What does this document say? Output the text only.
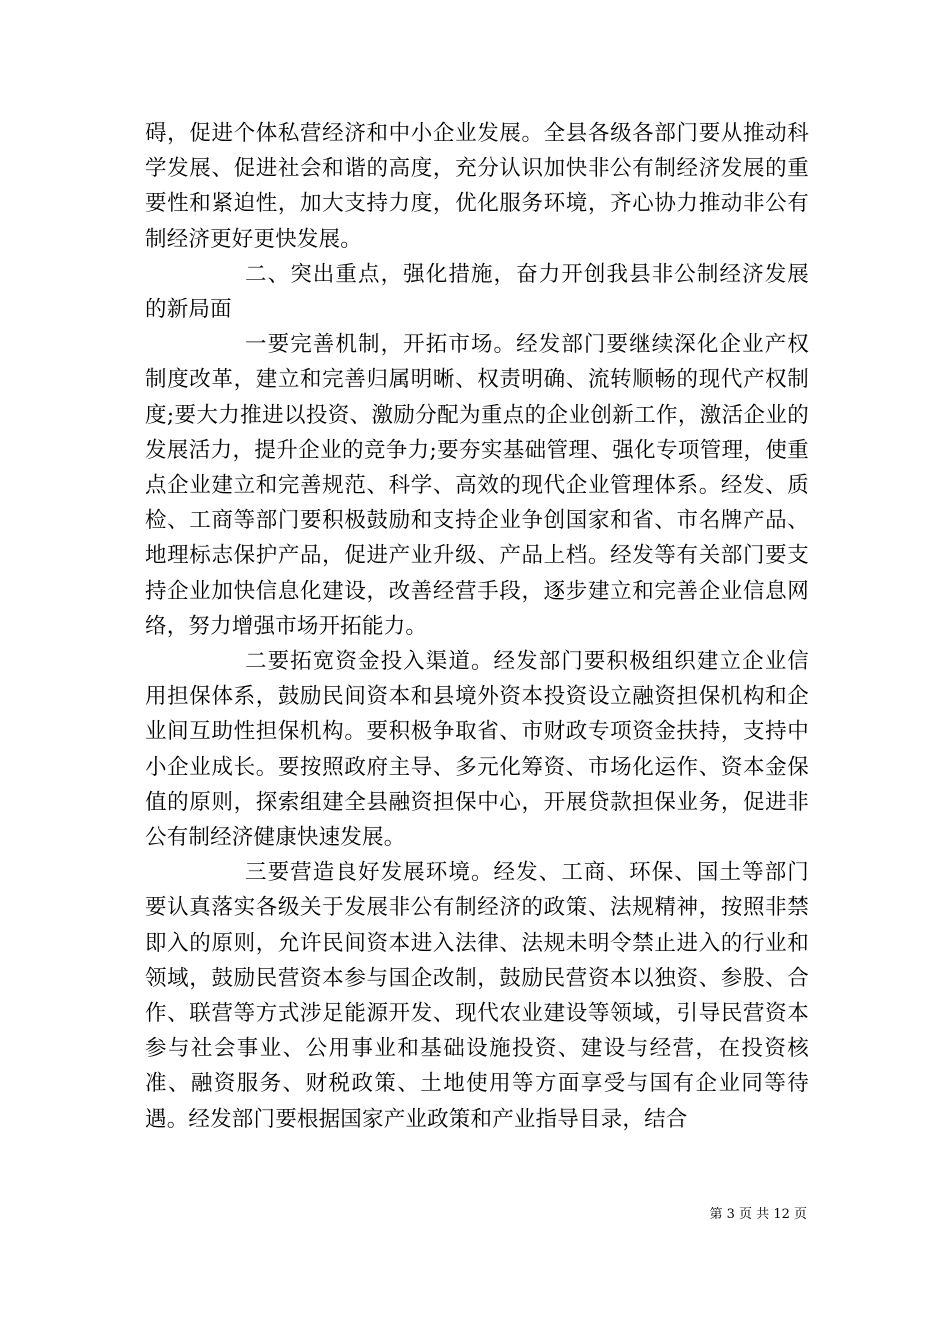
碍，促进个体私营经济和中小企业发展。全县各级各部门要从推动科学发展、促进社会和谐的高度，充分认识加快非公有制经济发展的重要性和紧迫性，加大支持力度，优化服务环境，齐心协力推动非公有制经济更好更快发展。

二、突出重点，强化措施，奋力开创我县非公制经济发展的新局面

一要完善机制，开拓市场。经发部门要继续深化企业产权制度改革，建立和完善归属明晰、权责明确、流转顺畅的现代产权制度;要大力推进以投资、激励分配为重点的企业创新工作，激活企业的发展活力，提升企业的竞争力;要夯实基础管理、强化专项管理，使重点企业建立和完善规范、科学、高效的现代企业管理体系。经发、质检、工商等部门要积极鼓励和支持企业争创国家和省、市名牌产品、地理标志保护产品，促进产业升级、产品上档。经发等有关部门要支持企业加快信息化建设，改善经营手段，逐步建立和完善企业信息网络，努力增强市场开拓能力。

二要拓宽资金投入渠道。经发部门要积极组织建立企业信用担保体系，鼓励民间资本和县境外资本投资设立融资担保机构和企业间互助性担保机构。要积极争取省、市财政专项资金扶持，支持中小企业成长。要按照政府主导、多元化筹资、市场化运作、资本金保值的原则，探索组建全县融资担保中心，开展贷款担保业务，促进非公有制经济健康快速发展。

三要营造良好发展环境。经发、工商、环保、国土等部门要认真落实各级关于发展非公有制经济的政策、法规精神，按照非禁即入的原则，允许民间资本进入法律、法规未明令禁止进入的行业和领域，鼓励民营资本参与国企改制，鼓励民营资本以独资、参股、合作、联营等方式涉足能源开发、现代农业建设等领域，引导民营资本参与社会事业、公用事业和基础设施投资、建设与经营，在投资核准、融资服务、财税政策、土地使用等方面享受与国有企业同等待遇。经发部门要根据国家产业政策和产业指导目录，结合

第 3 页 共 12 页
